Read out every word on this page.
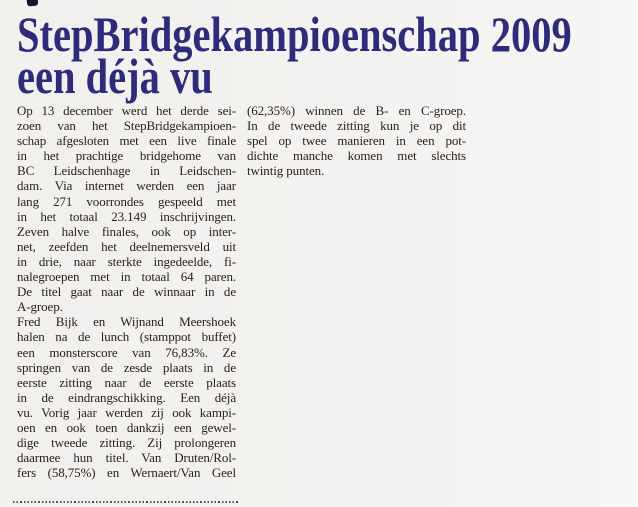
StepBridgekampioenschap 2009
een déjà vu
Op 13 december werd het derde sei-
zoen van het StepBridgekampioen-
schap afgesloten met een live finale
in het prachtige bridgehome van
BC Leidschenhage in Leidschen-
dam. Via internet werden een jaar
lang 271 voorrondes gespeeld met
in het totaal 23.149 inschrijvingen.
Zeven halve finales, ook op inter-
net, zeefden het deelnemersveld uit
in drie, naar sterkte ingedeelde, fi-
nalegroepen met in totaal 64 paren.
De titel gaat naar de winnaar in de
A-groep.
Fred Bijk en Wijnand Meershoek
halen na de lunch (stamppot buffet)
een monsterscore van 76,83%. Ze
springen van de zesde plaats in de
eerste zitting naar de eerste plaats
in de eindrangschikking. Een déjà
vu. Vorig jaar werden zij ook kampi-
oen en ook toen dankzij een gewel-
dige tweede zitting. Zij prolongeren
daarmee hun titel. Van Druten/Rol-
fers (58,75%) en Wernaert/Van Geel
(62,35%) winnen de B- en C-groep.
In de tweede zitting kun je op dit
spel op twee manieren in een pot-
dichte manche komen met slechts
twintig punten.
